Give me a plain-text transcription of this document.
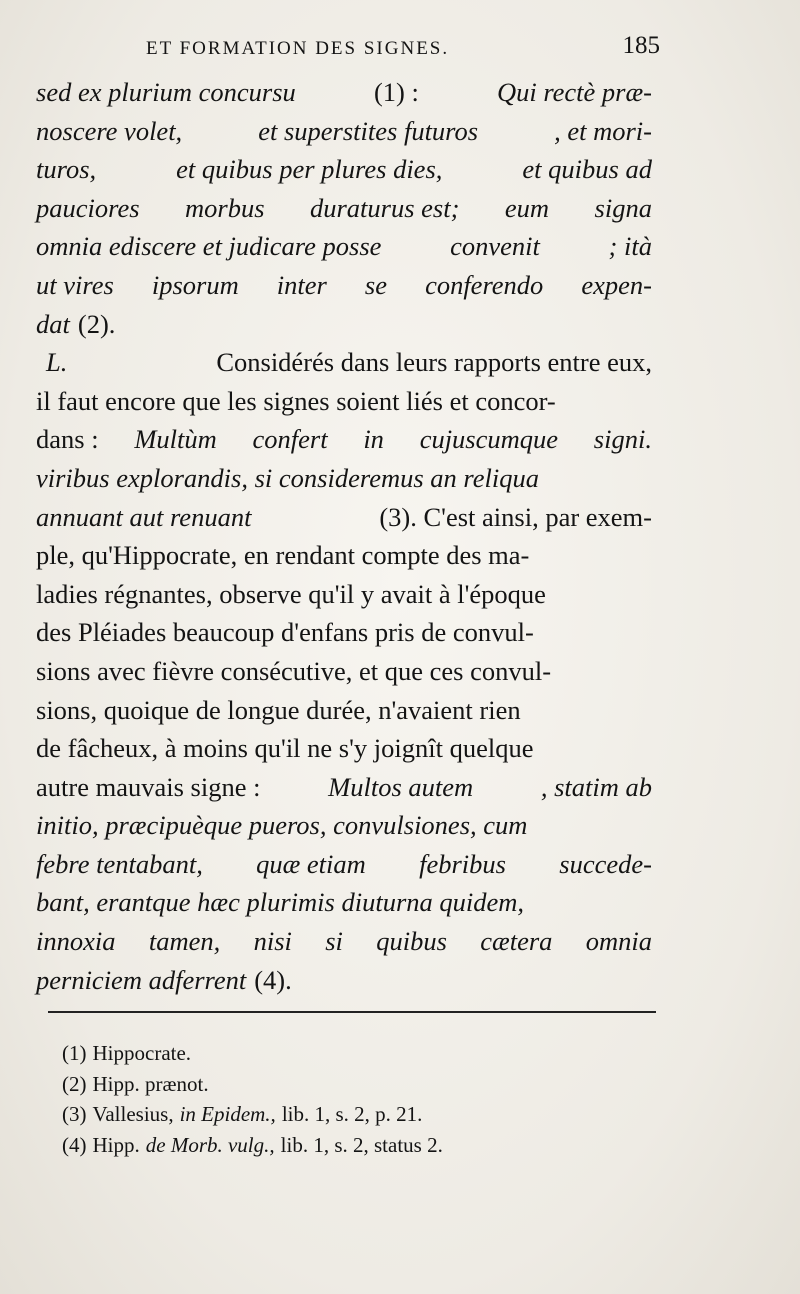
ET FORMATION DES SIGNES.	185
sed ex plurium concursu	(1) :	Qui rectè præ-
noscere volet,	et superstites futuros	, et mori-
turos,	et quibus per plures dies,	et quibus ad
pauciores morbus duraturus est; eum signa
omnia ediscere et judicare posse	convenit	; ità
ut vires ipsorum inter se conferendo expen-
dat (2).
L.	Considérés dans leurs rapports entre eux,
il faut encore que les signes soient liés et concor-
dans : Multùm confert in cujuscumque signi.
viribus explorandis, si consideremus an reliqua
annuant aut renuant	(3). C'est ainsi, par exem-
ple, qu'Hippocrate, en rendant compte des ma-
ladies régnantes, observe qu'il y avait à l'époque
des Pléiades beaucoup d'enfans pris de convul-
sions avec fièvre consécutive, et que ces convul-
sions, quoique de longue durée, n'avaient rien
de fâcheux, à moins qu'il ne s'y joignît quelque
autre mauvais signe :	Multos autem	, statim ab
initio, præcipuèque pueros, convulsiones, cum
febre tentabant, quæ etiam febribus succede-
bant, erantque hæc plurimis diuturna quidem,
innoxia tamen, nisi si quibus cætera omnia
perniciem adferrent (4).
(1) Hippocrate.
(2) Hipp. prænot.
(3) Vallesius, in Epidem., lib. 1, s. 2, p. 21.
(4) Hipp. de Morb. vulg., lib. 1, s. 2, status 2.
